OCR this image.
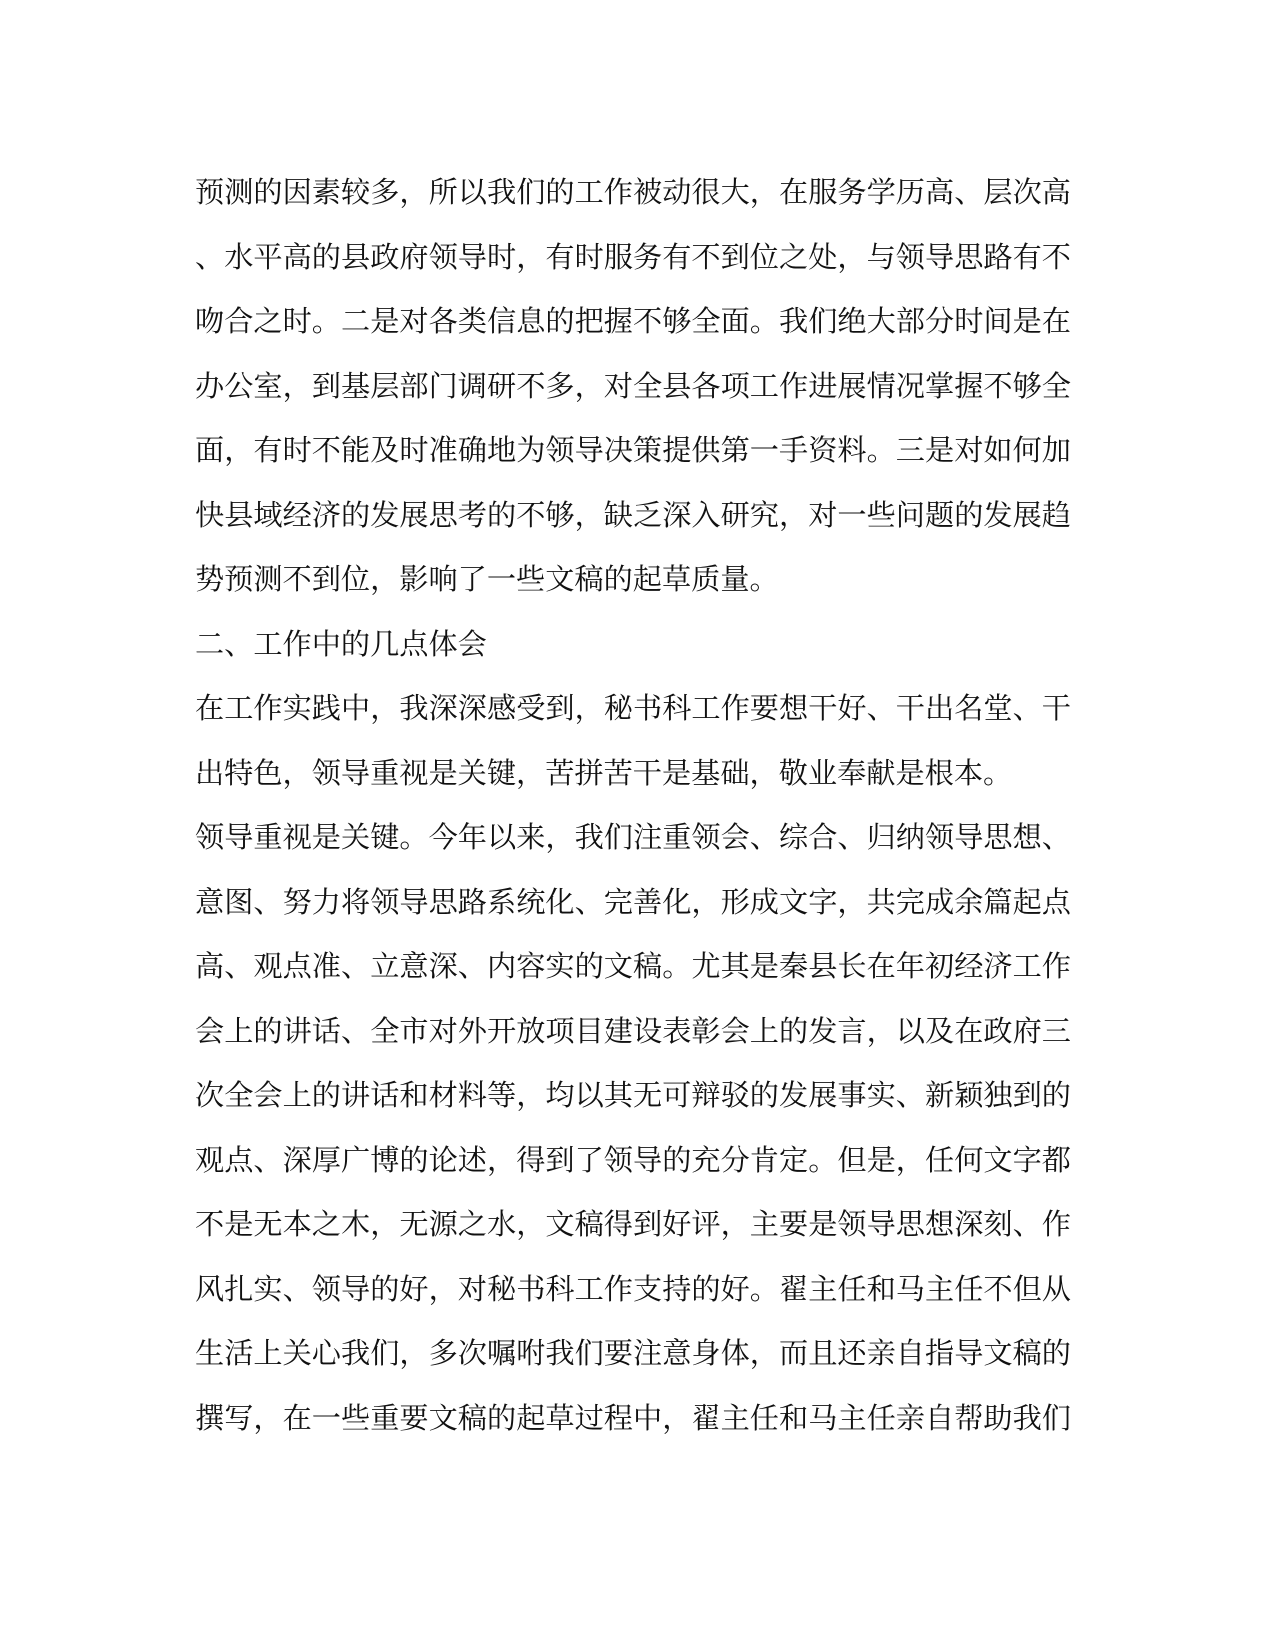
预测的因素较多，所以我们的工作被动很大，在服务学历高、层次高
、水平高的县政府领导时，有时服务有不到位之处，与领导思路有不
吻合之时。二是对各类信息的把握不够全面。我们绝大部分时间是在
办公室，到基层部门调研不多，对全县各项工作进展情况掌握不够全
面，有时不能及时准确地为领导决策提供第一手资料。三是对如何加
快县域经济的发展思考的不够，缺乏深入研究，对一些问题的发展趋
势预测不到位，影响了一些文稿的起草质量。
二、工作中的几点体会
在工作实践中，我深深感受到，秘书科工作要想干好、干出名堂、干
出特色，领导重视是关键，苦拼苦干是基础，敬业奉献是根本。
领导重视是关键。今年以来，我们注重领会、综合、归纳领导思想、
意图、努力将领导思路系统化、完善化，形成文字，共完成余篇起点
高、观点准、立意深、内容实的文稿。尤其是秦县长在年初经济工作
会上的讲话、全市对外开放项目建设表彰会上的发言，以及在政府三
次全会上的讲话和材料等，均以其无可辩驳的发展事实、新颖独到的
观点、深厚广博的论述，得到了领导的充分肯定。但是，任何文字都
不是无本之木，无源之水，文稿得到好评，主要是领导思想深刻、作
风扎实、领导的好，对秘书科工作支持的好。翟主任和马主任不但从
生活上关心我们，多次嘱咐我们要注意身体，而且还亲自指导文稿的
撰写，在一些重要文稿的起草过程中，翟主任和马主任亲自帮助我们
